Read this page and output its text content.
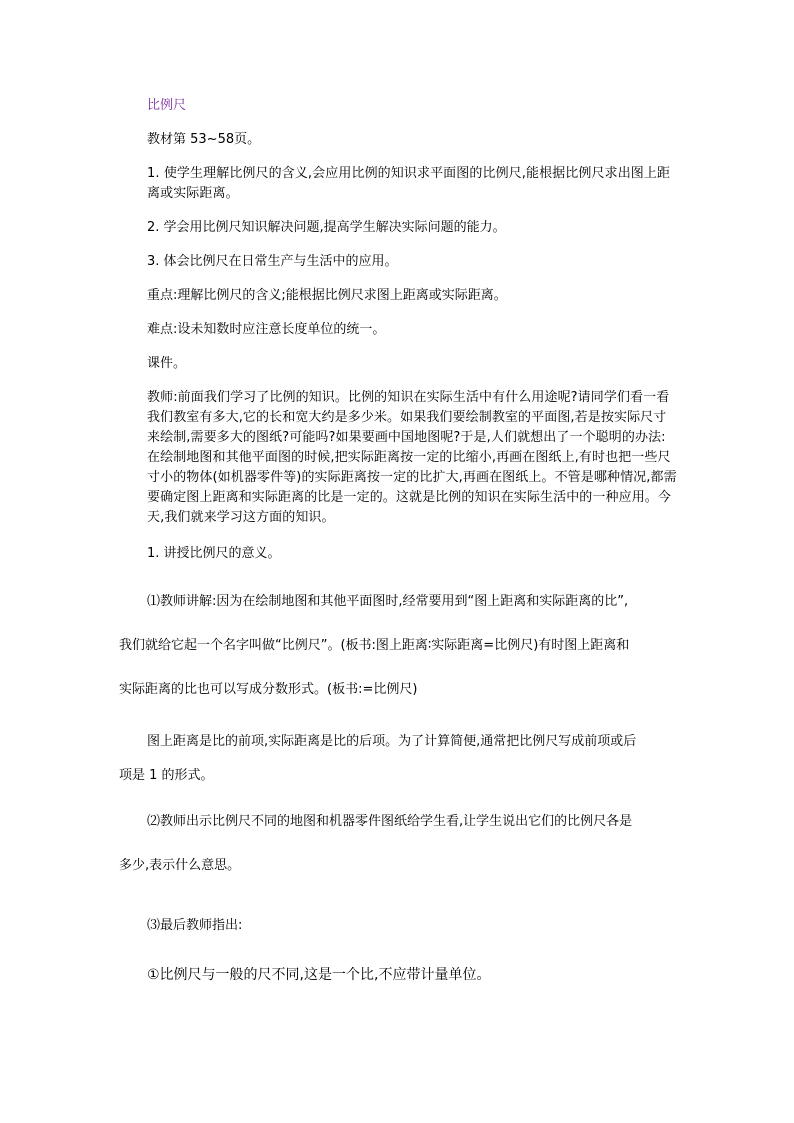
比例尺
教材第 53~58页。
1. 使学生理解比例尺的含义,会应用比例的知识求平面图的比例尺,能根据比例尺求出图上距离或实际距离。
2. 学会用比例尺知识解决问题,提高学生解决实际问题的能力。
3. 体会比例尺在日常生产与生活中的应用。
重点:理解比例尺的含义;能根据比例尺求图上距离或实际距离。
难点:设未知数时应注意长度单位的统一。
课件。
教师:前面我们学习了比例的知识。比例的知识在实际生活中有什么用途呢?请同学们看一看我们教室有多大,它的长和宽大约是多少米。如果我们要绘制教室的平面图,若是按实际尺寸来绘制,需要多大的图纸?可能吗?如果要画中国地图呢?于是,人们就想出了一个聪明的办法:在绘制地图和其他平面图的时候,把实际距离按一定的比缩小,再画在图纸上,有时也把一些尺寸小的物体(如机器零件等)的实际距离按一定的比扩大,再画在图纸上。不管是哪种情况,都需要确定图上距离和实际距离的比是一定的。这就是比例的知识在实际生活中的一种应用。今天,我们就来学习这方面的知识。
1. 讲授比例尺的意义。
⑴教师讲解:因为在绘制地图和其他平面图时,经常要用到“图上距离和实际距离的比”,
我们就给它起一个名字叫做“比例尺”。(板书:图上距离∶实际距离=比例尺)有时图上距离和
实际距离的比也可以写成分数形式。(板书:=比例尺)
图上距离是比的前项,实际距离是比的后项。为了计算简便,通常把比例尺写成前项或后
项是 1 的形式。
⑵教师出示比例尺不同的地图和机器零件图纸给学生看,让学生说出它们的比例尺各是
多少,表示什么意思。
⑶最后教师指出:
①比例尺与一般的尺不同,这是一个比,不应带计量单位。
